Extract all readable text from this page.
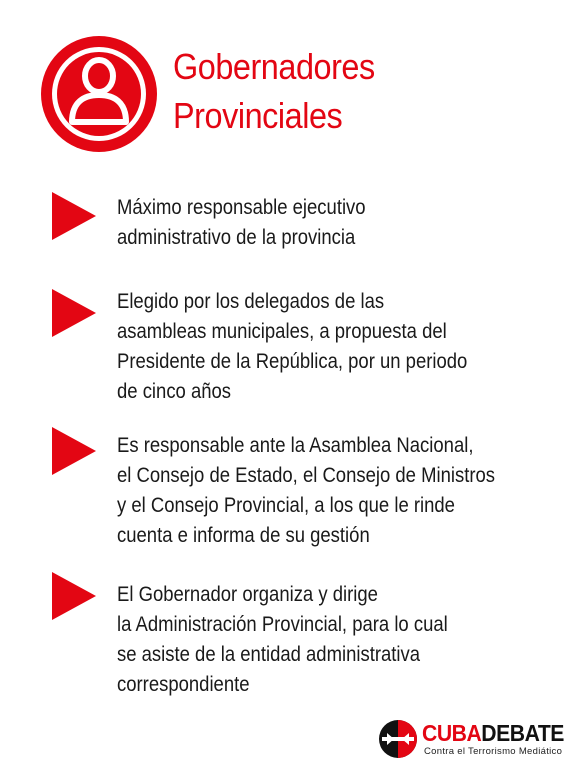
Gobernadores
Provinciales

Máximo responsable ejecutivo
administrativo de la provincia

Elegido por los delegados de las
asambleas municipales, a propuesta del
Presidente de la República, por un periodo
de cinco años

Es responsable ante la Asamblea Nacional,
el Consejo de Estado, el Consejo de Ministros
y el Consejo Provincial, a los que le rinde
cuenta e informa de su gestión

El Gobernador organiza y dirige
la Administración Provincial, para lo cual
se asiste de la entidad administrativa
correspondiente

CUBADEBATE
Contra el Terrorismo Mediático
